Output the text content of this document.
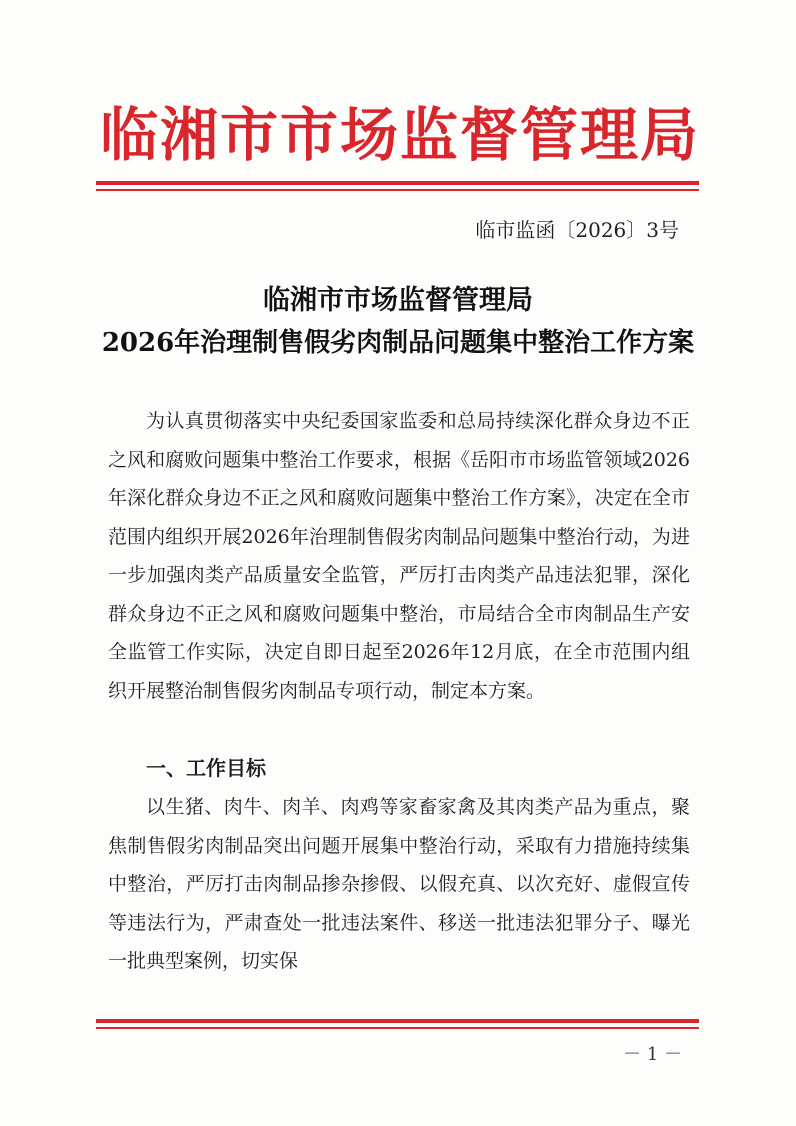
临湘市市场监督管理局
临市监函〔2026〕3号
临湘市市场监督管理局
2026年治理制售假劣肉制品问题集中整治工作方案
为认真贯彻落实中央纪委国家监委和总局持续深化群众身边不正之风和腐败问题集中整治工作要求，根据《岳阳市市场监管领域2026年深化群众身边不正之风和腐败问题集中整治工作方案》，决定在全市范围内组织开展2026年治理制售假劣肉制品问题集中整治行动，为进一步加强肉类产品质量安全监管，严厉打击肉类产品违法犯罪，深化群众身边不正之风和腐败问题集中整治，市局结合全市肉制品生产安全监管工作实际，决定自即日起至2026年12月底，在全市范围内组织开展整治制售假劣肉制品专项行动，制定本方案。
一、工作目标
以生猪、肉牛、肉羊、肉鸡等家畜家禽及其肉类产品为重点，聚焦制售假劣肉制品突出问题开展集中整治行动，采取有力措施持续集中整治，严厉打击肉制品掺杂掺假、以假充真、以次充好、虚假宣传等违法行为，严肃查处一批违法案件、移送一批违法犯罪分子、曝光一批典型案例，切实保
－ 1 －
